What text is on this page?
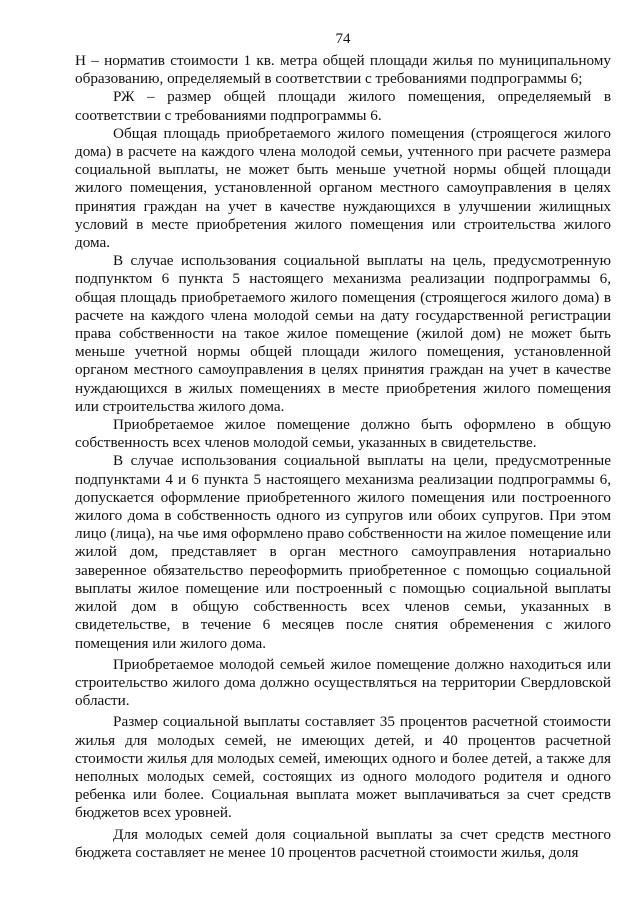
74

Н – норматив стоимости 1 кв. метра общей площади жилья по муниципальному образованию, определяемый в соответствии с требованиями подпрограммы 6;

РЖ – размер общей площади жилого помещения, определяемый в соответствии с требованиями подпрограммы 6.

Общая площадь приобретаемого жилого помещения (строящегося жилого дома) в расчете на каждого члена молодой семьи, учтенного при расчете размера социальной выплаты, не может быть меньше учетной нормы общей площади жилого помещения, установленной органом местного самоуправления в целях принятия граждан на учет в качестве нуждающихся в улучшении жилищных условий в месте приобретения жилого помещения или строительства жилого дома.

В случае использования социальной выплаты на цель, предусмотренную подпунктом 6 пункта 5 настоящего механизма реализации подпрограммы 6, общая площадь приобретаемого жилого помещения (строящегося жилого дома) в расчете на каждого члена молодой семьи на дату государственной регистрации права собственности на такое жилое помещение (жилой дом) не может быть меньше учетной нормы общей площади жилого помещения, установленной органом местного самоуправления в целях принятия граждан на учет в качестве нуждающихся в жилых помещениях в месте приобретения жилого помещения или строительства жилого дома.

Приобретаемое жилое помещение должно быть оформлено в общую собственность всех членов молодой семьи, указанных в свидетельстве.

В случае использования социальной выплаты на цели, предусмотренные подпунктами 4 и 6 пункта 5 настоящего механизма реализации подпрограммы 6, допускается оформление приобретенного жилого помещения или построенного жилого дома в собственность одного из супругов или обоих супругов. При этом лицо (лица), на чье имя оформлено право собственности на жилое помещение или жилой дом, представляет в орган местного самоуправления нотариально заверенное обязательство переоформить приобретенное с помощью социальной выплаты жилое помещение или построенный с помощью социальной выплаты жилой дом в общую собственность всех членов семьи, указанных в свидетельстве, в течение 6 месяцев после снятия обременения с жилого помещения или жилого дома.

Приобретаемое молодой семьей жилое помещение должно находиться или строительство жилого дома должно осуществляться на территории Свердловской области.

Размер социальной выплаты составляет 35 процентов расчетной стоимости жилья для молодых семей, не имеющих детей, и 40 процентов расчетной стоимости жилья для молодых семей, имеющих одного и более детей, а также для неполных молодых семей, состоящих из одного молодого родителя и одного ребенка или более. Социальная выплата может выплачиваться за счет средств бюджетов всех уровней.

Для молодых семей доля социальной выплаты за счет средств местного бюджета составляет не менее 10 процентов расчетной стоимости жилья, доля
